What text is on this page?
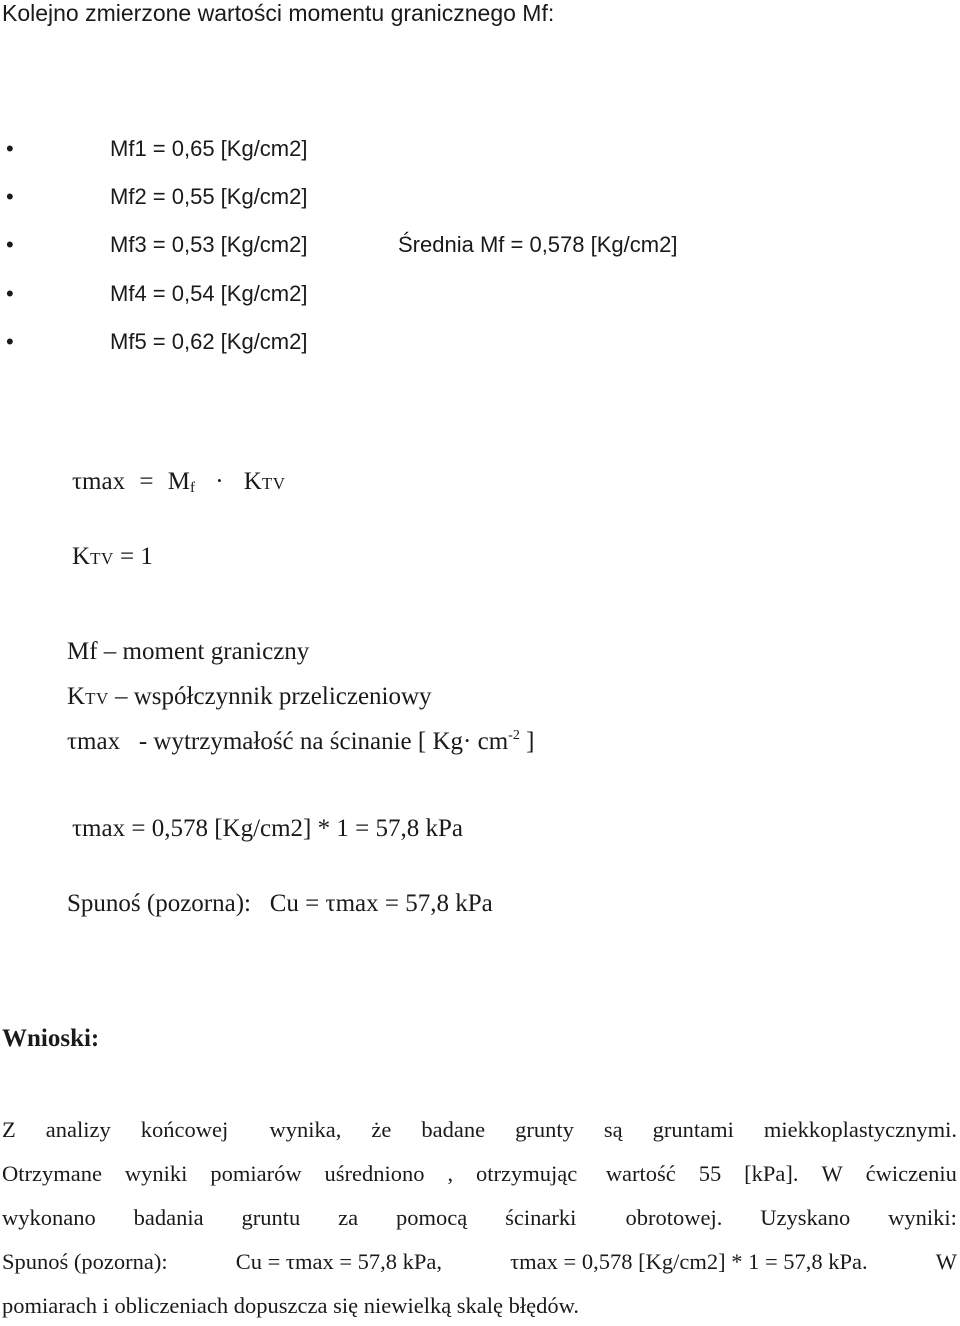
Kolejno zmierzone wartości momentu granicznego Mf:
•
•
•
•
•
Mf1 = 0,65 [Kg/cm2]
Mf2 = 0,55 [Kg/cm2]
Mf3 = 0,53 [Kg/cm2]
Mf4 = 0,54 [Kg/cm2]
Mf5 = 0,62 [Kg/cm2]
Średnia Mf = 0,578 [Kg/cm2]
τmax = Mf · KTV
KTV = 1
Mf – moment graniczny
KTV – współczynnik przeliczeniowy
τmax   - wytrzymałość na ścinanie [ $Kg\cdot cm^{-2}$ ]
τmax = 0,578 [Kg/cm2] * 1 = 57,8 kPa
Spunoś (pozorna):   Cu = τmax = 57,8 kPa
Wnioski:
Z analizy końcowej wynika, że badane grunty są gruntami miekkoplastycznymi.
Otrzymane wyniki pomiarów uśredniono , otrzymując wartość 55 [kPa]. W ćwiczeniu
wykonano badania gruntu za pomocą ścinarki obrotowej. Uzyskano wyniki:
Spunoś (pozorna):	Cu = τmax = 57,8 kPa,	τmax = 0,578 [Kg/cm2] * 1 = 57,8 kPa.	W
pomiarach i obliczeniach dopuszcza się niewielką skalę błędów.
